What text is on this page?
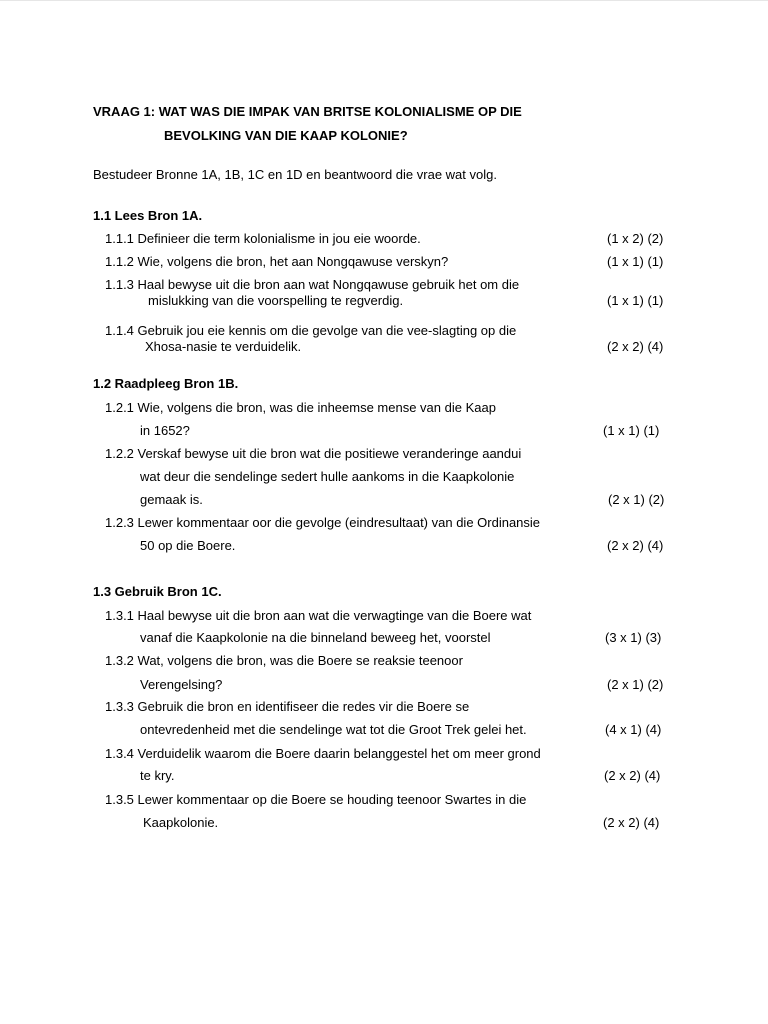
VRAAG 1: WAT WAS DIE IMPAK VAN BRITSE KOLONIALISME OP DIE
BEVOLKING VAN DIE KAAP KOLONIE?
Bestudeer Bronne 1A, 1B, 1C en 1D en beantwoord die vrae wat volg.
1.1 Lees Bron 1A.
1.1.1 Definieer die term kolonialisme in jou eie woorde.	(1 x 2) (2)
1.1.2 Wie, volgens die bron, het aan Nongqawuse verskyn?	(1 x 1) (1)
1.1.3 Haal bewyse uit die bron aan wat Nongqawuse gebruik het om die
mislukking van die voorspelling te regverdig.	(1 x 1) (1)
1.1.4 Gebruik jou eie kennis om die gevolge van die vee-slagting op die
Xhosa-nasie te verduidelik.	(2 x 2) (4)
1.2 Raadpleeg Bron 1B.
1.2.1 Wie, volgens die bron, was die inheemse mense van die Kaap
in 1652?	(1 x 1) (1)
1.2.2 Verskaf bewyse uit die bron wat die positiewe veranderinge aandui
wat deur die sendelinge sedert hulle aankoms in die Kaapkolonie
gemaak is.	(2 x 1) (2)
1.2.3 Lewer kommentaar oor die gevolge (eindresultaat) van die Ordinansie
50 op die Boere.	(2 x 2) (4)
1.3 Gebruik Bron 1C.
1.3.1 Haal bewyse uit die bron aan wat die verwagtinge van die Boere wat
vanaf die Kaapkolonie na die binneland beweeg het, voorstel	(3 x 1) (3)
1.3.2 Wat, volgens die bron, was die Boere se reaksie teenoor
Verengelsing?	(2 x 1) (2)
1.3.3 Gebruik die bron en identifiseer die redes vir die Boere se
ontevredenheid met die sendelinge wat tot die Groot Trek gelei het.	(4 x 1) (4)
1.3.4 Verduidelik waarom die Boere daarin belanggestel het om meer grond
te kry.	(2 x 2) (4)
1.3.5 Lewer kommentaar op die Boere se houding teenoor Swartes in die
Kaapkolonie.	(2 x 2) (4)
